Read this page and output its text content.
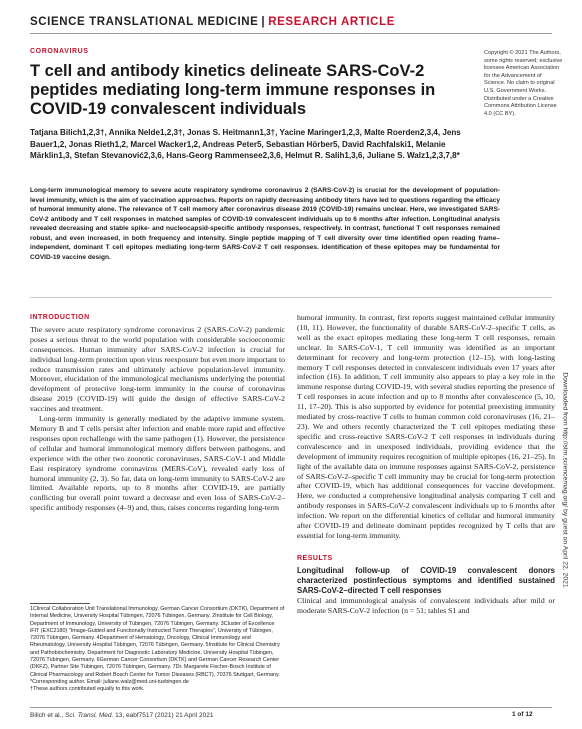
SCIENCE TRANSLATIONAL MEDICINE | RESEARCH ARTICLE
CORONAVIRUS
T cell and antibody kinetics delineate SARS-CoV-2 peptides mediating long-term immune responses in COVID-19 convalescent individuals
Tatjana Bilich1,2,3†, Annika Nelde1,2,3†, Jonas S. Heitmann1,3†, Yacine Maringer1,2,3, Malte Roerden2,3,4, Jens Bauer1,2, Jonas Rieth1,2, Marcel Wacker1,2, Andreas Peter5, Sebastian Hörber5, David Rachfalski1, Melanie Märklin1,3, Stefan Stevanović2,3,6, Hans-Georg Rammensee2,3,6, Helmut R. Salih1,3,6, Juliane S. Walz1,2,3,7,8*
Copyright © 2021 The Authors, some rights reserved; exclusive licensee American Association for the Advancement of Science. No claim to original U.S. Government Works. Distributed under a Creative Commons Attribution License 4.0 (CC BY).
Long-term immunological memory to severe acute respiratory syndrome coronavirus 2 (SARS-CoV-2) is crucial for the development of population-level immunity, which is the aim of vaccination approaches. Reports on rapidly decreasing antibody titers have led to questions regarding the efficacy of humoral immunity alone. The relevance of T cell memory after coronavirus disease 2019 (COVID-19) remains unclear. Here, we investigated SARS-CoV-2 antibody and T cell responses in matched samples of COVID-19 convalescent individuals up to 6 months after infection. Longitudinal analysis revealed decreasing and stable spike- and nucleocapsid-specific antibody responses, respectively. In contrast, functional T cell responses remained robust, and even increased, in both frequency and intensity. Single peptide mapping of T cell diversity over time identified open reading frame–independent, dominant T cell epitopes mediating long-term SARS-CoV-2 T cell responses. Identification of these epitopes may be fundamental for COVID-19 vaccine design.
Downloaded from http://stm.sciencemag.org/ by guest on April 22, 2021
INTRODUCTION

The severe acute respiratory syndrome coronavirus 2 (SARS-CoV-2) pandemic poses a serious threat to the world population with considerable socioeconomic consequences. Human immunity after SARS-CoV-2 infection is crucial for individual long-term protection upon virus reexposure but even more important to reduce transmission rates and ultimately achieve population-level immunity. Moreover, elucidation of the immunological mechanisms underlying the potential development of protective long-term immunity in the course of coronavirus disease 2019 (COVID-19) will guide the design of effective SARS-CoV-2 vaccines and treatment.

Long-term immunity is generally mediated by the adaptive immune system. Memory B and T cells persist after infection and enable more rapid and effective responses upon rechallenge with the same pathogen (1). However, the persistence of cellular and humoral immunological memory differs between pathogens, and experience with the other two zoonotic coronaviruses, SARS-CoV-1 and Middle East respiratory syndrome coronavirus (MERS-CoV), revealed early loss of humoral immunity (2, 3). So far, data on long-term immunity to SARS-CoV-2 are limited. Available reports, up to 8 months after COVID-19, are partially conflicting but overall point toward a decrease and even loss of SARS-CoV-2–specific antibody responses (4–9) and, thus, raises concerns regarding long-term

1Clinical Collaboration Unit Translational Immunology, German Cancer Consortium (DKTK), Department of Internal Medicine, University Hospital Tübingen, 72076 Tübingen, Germany. 2Institute for Cell Biology, Department of Immunology, University of Tübingen, 72076 Tübingen, Germany. 3Cluster of Excellence iFIT (EXC2180) "Image-Guided and Functionally Instructed Tumor Therapies", University of Tübingen, 72076 Tübingen, Germany. 4Department of Hematology, Oncology, Clinical Immunology and Rheumatology, University Hospital Tübingen, 72076 Tübingen, Germany. 5Institute for Clinical Chemistry and Pathobiochemistry, Department for Diagnostic Laboratory Medicine, University Hospital Tübingen, 72076 Tübingen, Germany. 6German Cancer Consortium (DKTK) and German Cancer Research Center (DKFZ), Partner Site Tübingen, 72076 Tübingen, Germany. 7Dr. Margarete Fischer-Bosch Institute of Clinical Pharmacology and Robert Bosch Center for Tumor Diseases (RBCT), 70376 Stuttgart, Germany.

*Corresponding author. Email: juliane.walz@med.uni-tuebingen.de

†These authors contributed equally to this work.

humoral immunity. In contrast, first reports suggest maintained cellular immunity (10, 11). However, the functionality of durable SARS-CoV-2–specific T cells, as well as the exact epitopes mediating these long-term T cell responses, remain unclear. In SARS-CoV-1, T cell immunity was identified as an important determinant for recovery and long-term protection (12–15), with long-lasting memory T cell responses detected in convalescent individuals even 17 years after infection (16). In addition, T cell immunity also appears to play a key role in the immune response during COVID-19, with several studies reporting the presence of T cell responses in acute infection and up to 8 months after convalescence (5, 10, 11, 17–20). This is also supported by evidence for potential preexisting immunity mediated by cross-reactive T cells to human common cold coronaviruses (16, 21–23). We and others recently characterized the T cell epitopes mediating these specific and cross-reactive SARS-CoV-2 T cell responses in individuals during convalescence and in unexposed individuals, providing evidence that the development of immunity requires recognition of multiple epitopes (16, 21–25). In light of the available data on immune responses against SARS-CoV-2, persistence of SARS-CoV-2–specific T cell immunity may be crucial for long-term protection after COVID-19, which has additional consequences for vaccine development. Here, we conducted a comprehensive longitudinal analysis comparing T cell and antibody responses in SARS-CoV-2 convalescent individuals up to 6 months after infection. We report on the differential kinetics of cellular and humoral immunity after COVID-19 and delineate dominant peptides recognized by T cells that are essential for long-term immunity.

RESULTS
Longitudinal follow-up of COVID-19 convalescent donors characterized postinfectious symptoms and identified sustained SARS-CoV-2–directed T cell responses

Clinical and immunological analysis of convalescent individuals after mild or moderate SARS-CoV-2 infection (n = 51; tables S1 and

Bilich et al., Sci. Transl. Med. 13, eabf7517 (2021) 21 April 2021	1 of 12
